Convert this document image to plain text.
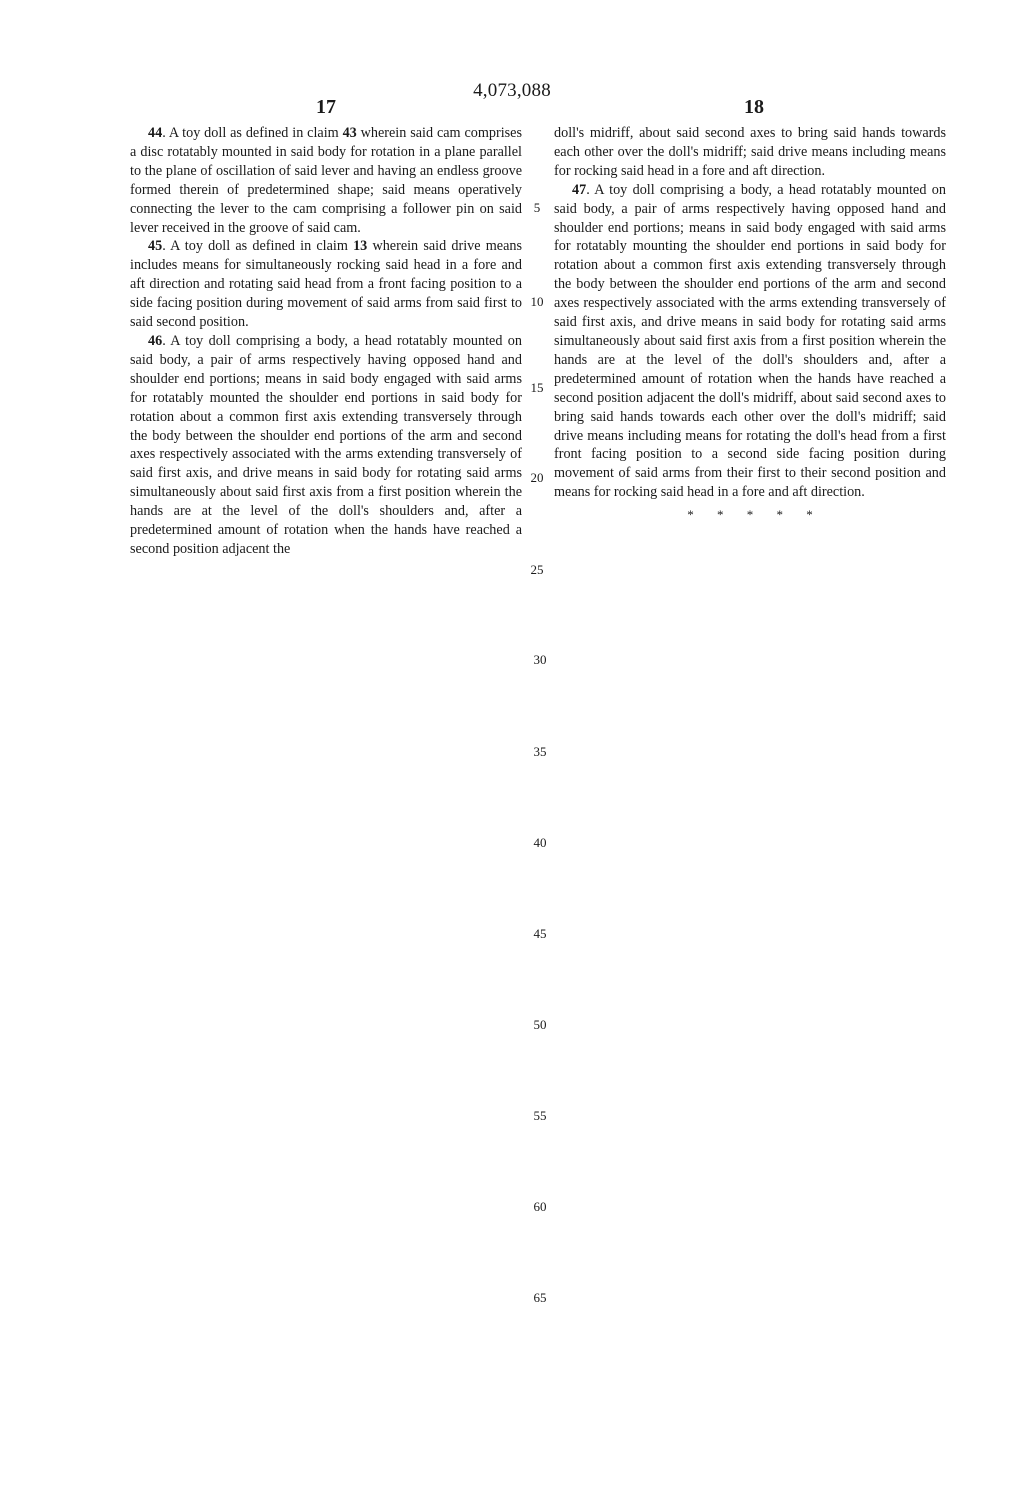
4,073,088
17	18

44. A toy doll as defined in claim 43 wherein said cam comprises a disc rotatably mounted in said body for rotation in a plane parallel to the plane of oscillation of said lever and having an endless groove formed therein of predetermined shape; said means operatively connecting the lever to the cam comprising a follower pin on said lever received in the groove of said cam.

45. A toy doll as defined in claim 13 wherein said drive means includes means for simultaneously rocking said head in a fore and aft direction and rotating said head from a front facing position to a side facing position during movement of said arms from said first to said second position.

46. A toy doll comprising a body, a head rotatably mounted on said body, a pair of arms respectively having opposed hand and shoulder end portions; means in said body engaged with said arms for rotatably mounted the shoulder end portions in said body for rotation about a common first axis extending transversely through the body between the shoulder end portions of the arm and second axes respectively associated with the arms extending transversely of said first axis, and drive means in said body for rotating said arms simultaneously about said first axis from a first position wherein the hands are at the level of the doll's shoulders and, after a predetermined amount of rotation when the hands have reached a second position adjacent the

doll's midriff, about said second axes to bring said hands towards each other over the doll's midriff; said drive means including means for rocking said head in a fore and aft direction.

47. A toy doll comprising a body, a head rotatably mounted on said body, a pair of arms respectively having opposed hand and shoulder end portions; means in said body engaged with said arms for rotatably mounting the shoulder end portions in said body for rotation about a common first axis extending transversely through the body between the shoulder end portions of the arm and second axes respectively associated with the arms extending transversely of said first axis, and drive means in said body for rotating said arms simultaneously about said first axis from a first position wherein the hands are at the level of the doll's shoulders and, after a predetermined amount of rotation when the hands have reached a second position adjacent the doll's midriff, about said second axes to bring said hands towards each other over the doll's midriff; said drive means including means for rotating the doll's head from a first front facing position to a second side facing position during movement of said arms from their first to their second position and means for rocking said head in a fore and aft direction.

* * * * *
5
10
15
20
25
30
35
40
45
50
55
60
65
